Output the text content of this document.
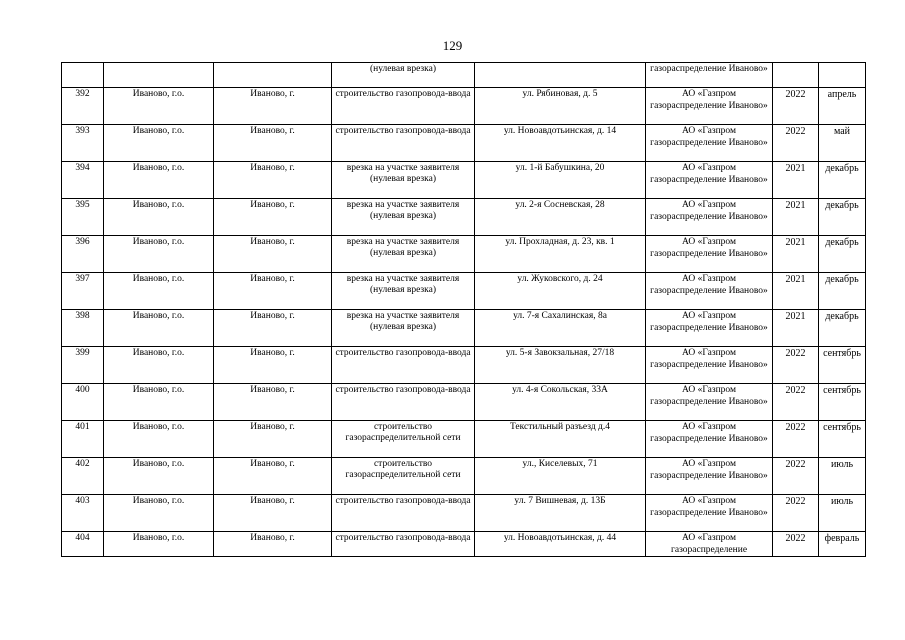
129
			(нулевая врезка)		газораспределение Иваново»		
392	Иваново, г.о.	Иваново, г.	строительство газопровода-ввода	ул. Рябиновая, д. 5	АО «Газпром газораспределение Иваново»	2022	апрель
393	Иваново, г.о.	Иваново, г.	строительство газопровода-ввода	ул. Новоавдотьинская, д. 14	АО «Газпром газораспределение Иваново»	2022	май
394	Иваново, г.о.	Иваново, г.	врезка на участке заявителя (нулевая врезка)	ул. 1-й Бабушкина, 20	АО «Газпром газораспределение Иваново»	2021	декабрь
395	Иваново, г.о.	Иваново, г.	врезка на участке заявителя (нулевая врезка)	ул. 2-я Сосневская, 28	АО «Газпром газораспределение Иваново»	2021	декабрь
396	Иваново, г.о.	Иваново, г.	врезка на участке заявителя (нулевая врезка)	ул. Прохладная, д. 23, кв. 1	АО «Газпром газораспределение Иваново»	2021	декабрь
397	Иваново, г.о.	Иваново, г.	врезка на участке заявителя (нулевая врезка)	ул. Жуковского, д. 24	АО «Газпром газораспределение Иваново»	2021	декабрь
398	Иваново, г.о.	Иваново, г.	врезка на участке заявителя (нулевая врезка)	ул. 7-я Сахалинская, 8а	АО «Газпром газораспределение Иваново»	2021	декабрь
399	Иваново, г.о.	Иваново, г.	строительство газопровода-ввода	ул. 5-я Завокзальная, 27/18	АО «Газпром газораспределение Иваново»	2022	сентябрь
400	Иваново, г.о.	Иваново, г.	строительство газопровода-ввода	ул. 4-я Сокольская, 33А	АО «Газпром газораспределение Иваново»	2022	сентябрь
401	Иваново, г.о.	Иваново, г.	строительство газораспределительной сети	Текстильный разъезд д.4	АО «Газпром газораспределение Иваново»	2022	сентябрь
402	Иваново, г.о.	Иваново, г.	строительство газораспределительной сети	ул., Киселевых, 71	АО «Газпром газораспределение Иваново»	2022	июль
403	Иваново, г.о.	Иваново, г.	строительство газопровода-ввода	ул. 7 Вишневая, д. 13Б	АО «Газпром газораспределение Иваново»	2022	июль
404	Иваново, г.о.	Иваново, г.	строительство газопровода-ввода	ул. Новоавдотьинская, д. 44	АО «Газпром газораспределение	2022	февраль
